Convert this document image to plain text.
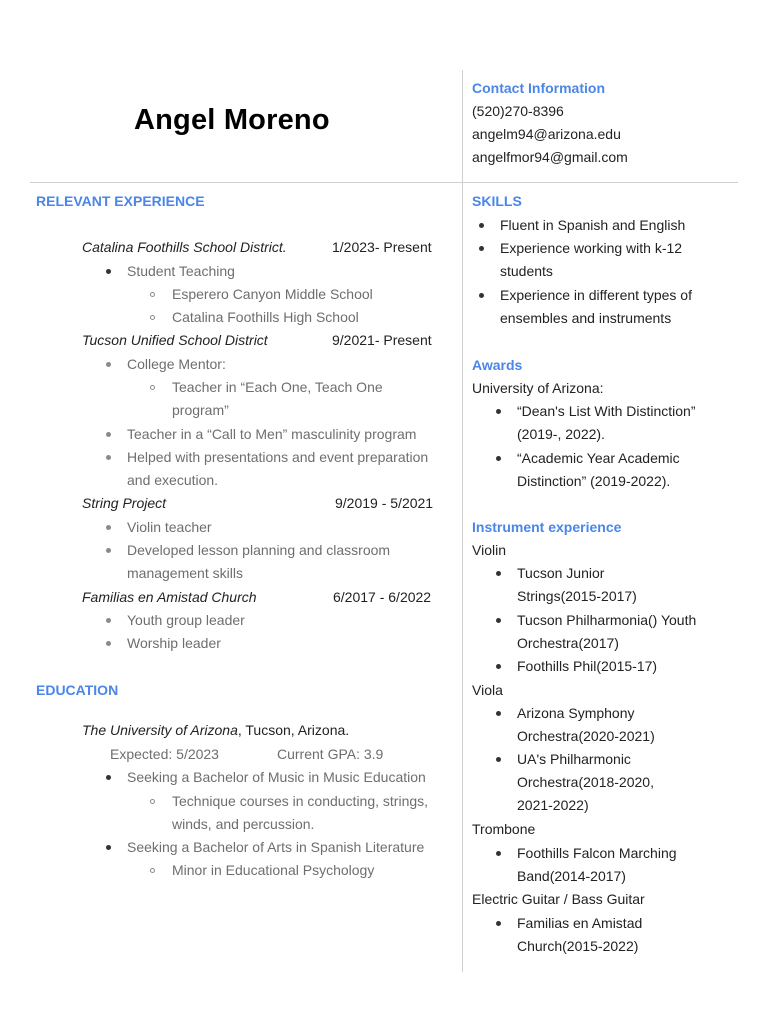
Angel Moreno
Contact Information
(520)270-8396
angelm94@arizona.edu
angelfmor94@gmail.com
RELEVANT EXPERIENCE
Catalina Foothills School District.	1/2023- Present
Student Teaching
Esperero Canyon Middle School
Catalina Foothills High School
Tucson Unified School District	9/2021- Present
College Mentor:
Teacher in “Each One, Teach One
program”
Teacher in a “Call to Men” masculinity program
Helped with presentations and event preparation
and execution.
String Project	9/2019 - 5/2021
Violin teacher
Developed lesson planning and classroom
management skills
Familias en Amistad Church	6/2017 - 6/2022
Youth group leader
Worship leader
EDUCATION
The University of Arizona, Tucson, Arizona.
Expected: 5/2023	Current GPA: 3.9
Seeking a Bachelor of Music in Music Education
Technique courses in conducting, strings,
winds, and percussion.
Seeking a Bachelor of Arts in Spanish Literature
Minor in Educational Psychology
SKILLS
Fluent in Spanish and English
Experience working with k-12
students
Experience in different types of
ensembles and instruments
Awards
University of Arizona:
“Dean's List With Distinction”
(2019-, 2022).
“Academic Year Academic
Distinction” (2019-2022).
Instrument experience
Violin
Tucson Junior
Strings(2015-2017)
Tucson Philharmonia() Youth
Orchestra(2017)
Foothills Phil(2015-17)
Viola
Arizona Symphony
Orchestra(2020-2021)
UA's Philharmonic
Orchestra(2018-2020,
2021-2022)
Trombone
Foothills Falcon Marching
Band(2014-2017)
Electric Guitar / Bass Guitar
Familias en Amistad
Church(2015-2022)
